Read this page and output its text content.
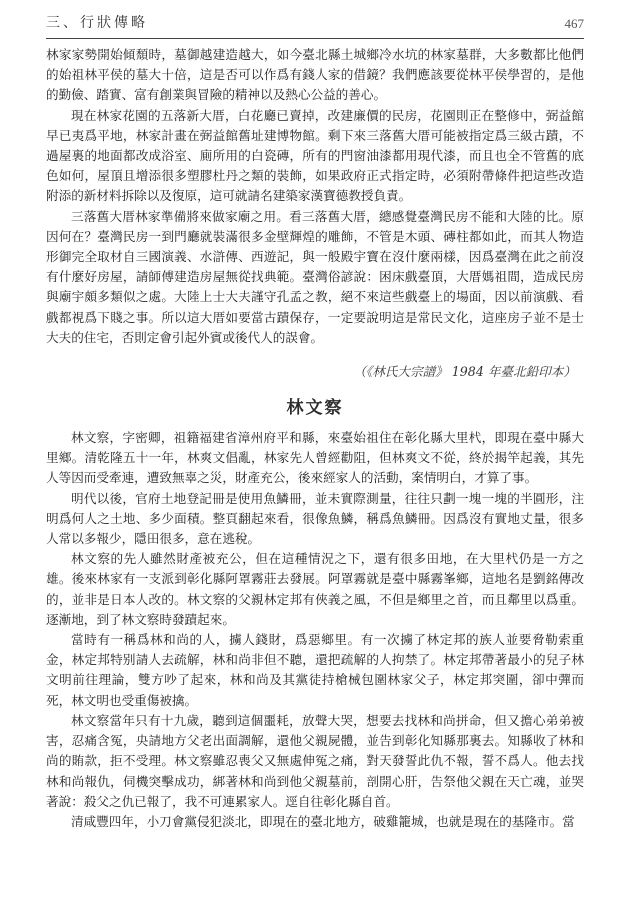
三、行狀傳略	467

林家家勢開始傾頹時，墓御越建造越大，如今臺北縣土城鄉冷水坑的林家墓群，大多數都比他們的始祖林平侯的墓大十倍，這是否可以作爲有錢人家的借鏡？我們應該要從林平侯學習的，是他的勤儉、踏實、富有創業與冒險的精神以及熱心公益的善心。

現在林家花園的五落新大厝，白花廳已賣掉，改建廉價的民房，花園則正在整修中，弼益館早已夷爲平地，林家計畫在弼益館舊址建博物館。剩下來三落舊大厝可能被指定爲三級古蹟，不過屋裏的地面都改成浴室、廁所用的白瓷磚，所有的門窗油漆都用現代漆，而且也全不管舊的底色如何，屋頂且增添很多塑膠杜丹之類的裝飾，如果政府正式指定時，必須附帶條件把這些改造附添的新材料拆除以及復原，這可就請名建築家漢寶德教授負責。

三落舊大厝林家準備將來做家廟之用。看三落舊大厝，總感覺臺灣民房不能和大陸的比。原因何在？臺灣民房一到門廳就裝滿很多金壁輝煌的雕飾，不管是木頭、磚柱都如此，而其人物造形御完全取材自三國演義、水滸傳、西遊記，與一般殿宇寶在沒什麼兩樣，因爲臺灣在此之前沒有什麼好房屋，請師傅建造房屋無從找典範。臺灣俗諺說：困床戲臺頂，大厝媽祖間，造成民房與廟宇頗多類似之處。大陸上士大夫謹守孔孟之教，絕不來這些戲臺上的場面，因以前演戲、看戲都視爲下賤之事。所以這大厝如要當古蹟保存，一定要說明這是常民文化，這座房子並不是士大夫的住宅，否則定會引起外賓或後代人的誤會。

（《林氏大宗譜》 1984 年臺北鉛印本）

林文察

林文察，字密卿，祖籍福建省漳州府平和縣，來臺始祖住在彰化縣大里杙，即現在臺中縣大里鄉。清乾隆五十一年，林爽文倡亂，林家先人曾經勸阻，但林爽文不從，終於揭竿起義，其先人等因而受牽連，遭致無辜之災，財產充公，後來經家人的活動，案情明白，才算了事。

明代以後，官府土地登記冊是使用魚鱗冊，並未實際測量，往往只劃一塊一塊的半圓形，注明爲何人之土地、多少面積。整頁翻起來看，很像魚鱗，稱爲魚鱗冊。因爲沒有實地丈量，很多人常以多報少，隱田很多，意在逃稅。

林文察的先人雖然財產被充公，但在這種情況之下，還有很多田地，在大里杙仍是一方之雄。後來林家有一支派到彰化縣阿罩霧莊去發展。阿罩霧就是臺中縣霧峯鄉，這地名是劉銘傳改的，並非是日本人改的。林文察的父親林定邦有俠義之風，不但是鄉里之首，而且鄰里以爲重。逐漸地，到了林文察時發蹟起來。

當時有一稱爲林和尚的人，擄人錢財，爲惡鄉里。有一次擄了林定邦的族人並要脅勒索重金，林定邦特别請人去疏解，林和尚非但不聽，還把疏解的人拘禁了。林定邦帶著最小的兒子林文明前往理論，雙方吵了起來，林和尚及其黨徒持槍械包圍林家父子，林定邦突圍，卻中彈而死，林文明也受重傷被擒。

林文察當年只有十九歲，聽到這個噩耗，放聲大哭，想要去找林和尚拼命，但又擔心弟弟被害，忍痛含冤，央請地方父老出面調解，還他父親屍體，並告到彰化知縣那裏去。知縣收了林和尚的賄款，拒不受理。林文察雖忍喪父又無處伸冤之痛，對天發誓此仇不報，誓不爲人。他去找林和尚報仇，伺機突擊成功，綁著林和尚到他父親墓前，剖開心肝，告祭他父親在天亡魂，並哭著說：殺父之仇已報了，我不可連累家人。逕自往彰化縣自首。

清咸豐四年，小刀會黨侵犯淡北，即現在的臺北地方，破雞籠城，也就是現在的基隆市。當
